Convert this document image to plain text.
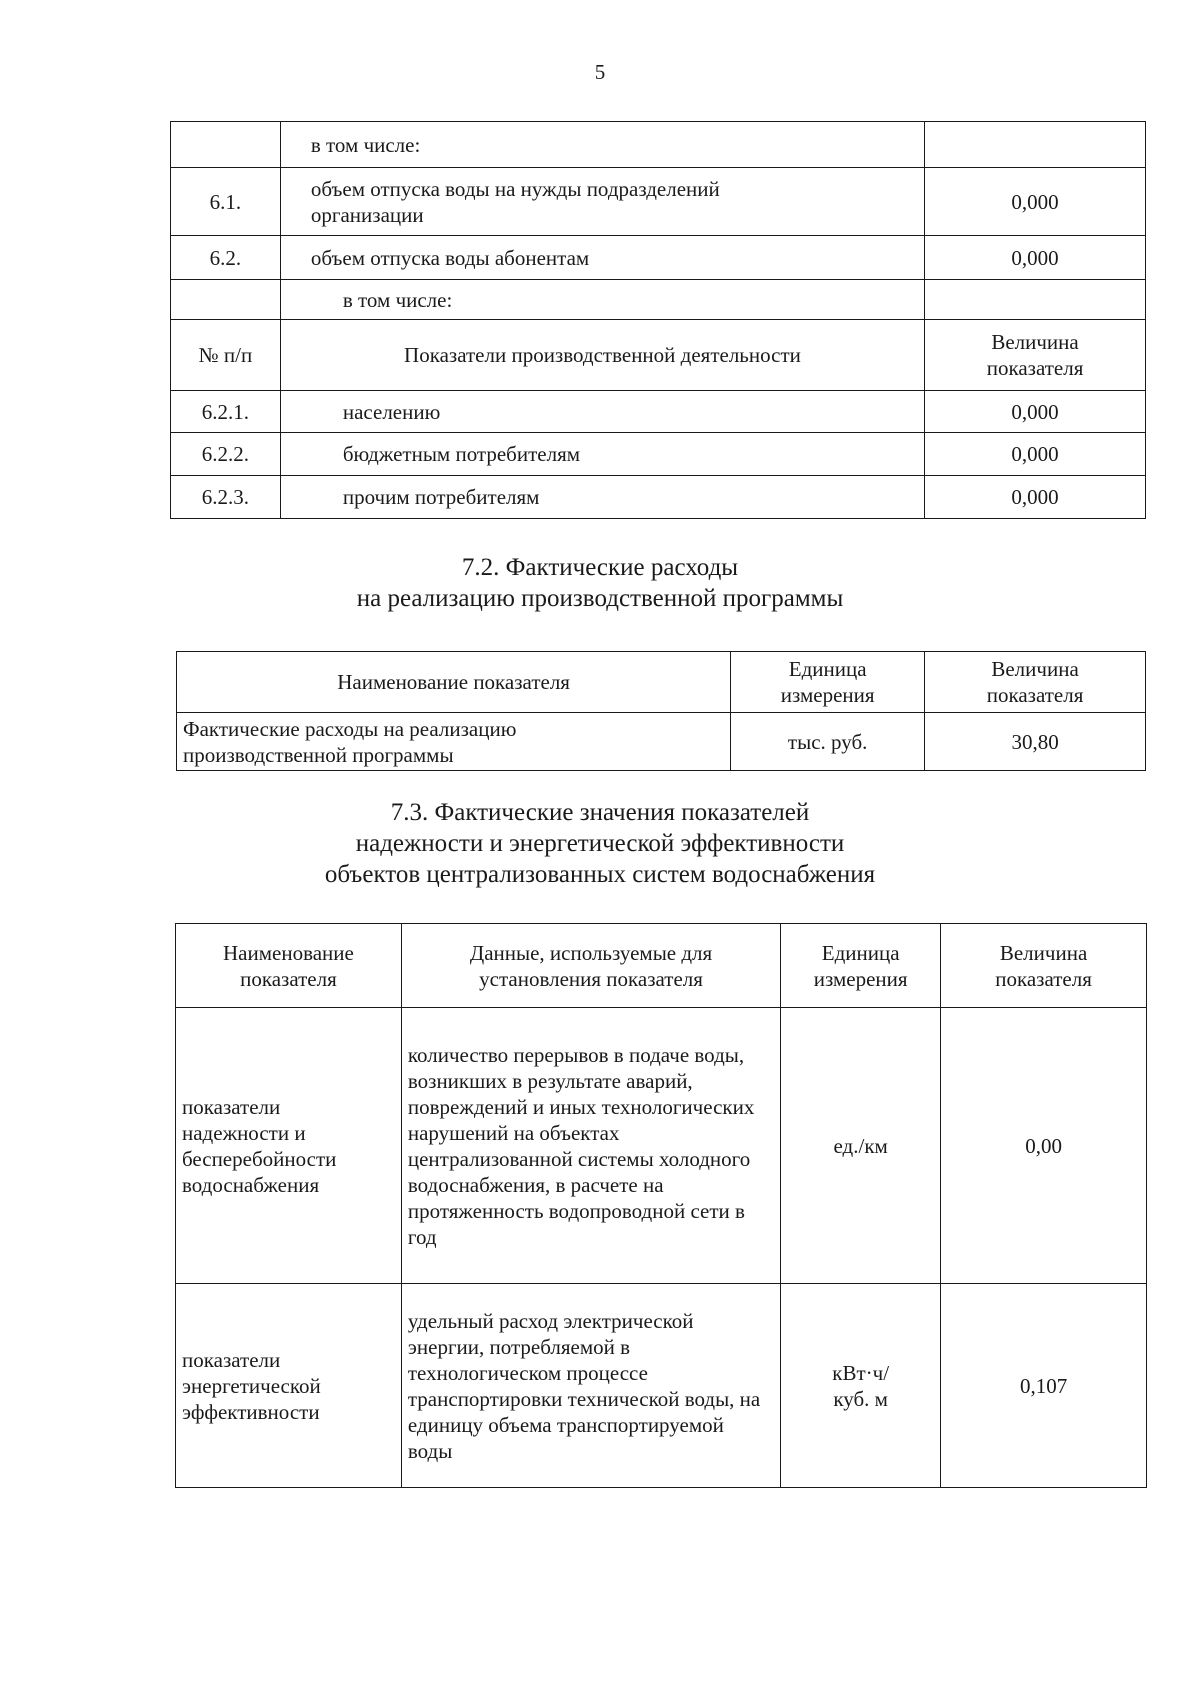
5
	в том числе:	
6.1.	объем отпуска воды на нужды подразделений организации	0,000
6.2.	объем отпуска воды абонентам	0,000
	в том числе:	
№ п/п	Показатели производственной деятельности	Величина показателя
6.2.1.	населению	0,000
6.2.2.	бюджетным потребителям	0,000
6.2.3.	прочим потребителям	0,000
7.2. Фактические расходы
на реализацию производственной программы
Наименование показателя	Единица измерения	Величина показателя
Фактические расходы на реализацию производственной программы	тыс. руб.	30,80
7.3. Фактические значения показателей
надежности и энергетической эффективности
объектов централизованных систем водоснабжения
Наименование показателя	Данные, используемые для установления показателя	Единица измерения	Величина показателя
показатели надежности и бесперебойности водоснабжения	количество перерывов в подаче воды, возникших в результате аварий, повреждений и иных технологических нарушений на объектах централизованной системы холодного водоснабжения, в расчете на протяженность водопроводной сети в год	ед./км	0,00
показатели энергетической эффективности	удельный расход электрической энергии, потребляемой в технологическом процессе транспортировки технической воды, на единицу объема транспортируемой воды	кВт·ч/ куб. м	0,107
